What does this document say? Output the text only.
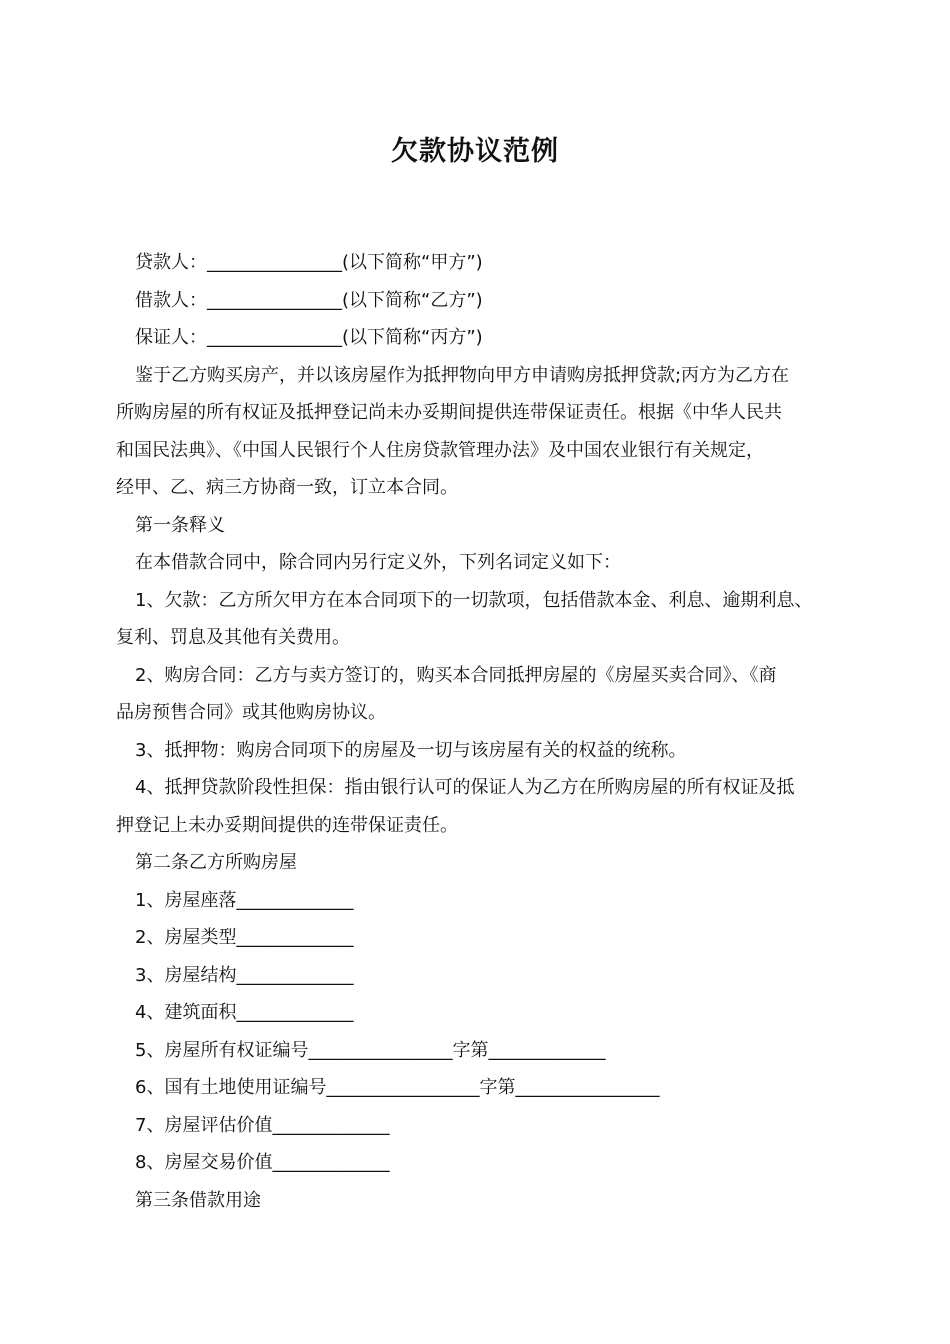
欠款协议范例
贷款人：_______________(以下简称“甲方”)
借款人：_______________(以下简称“乙方”)
保证人：_______________(以下简称“丙方”)
鉴于乙方购买房产，并以该房屋作为抵押物向甲方申请购房抵押贷款;丙方为乙方在
所购房屋的所有权证及抵押登记尚未办妥期间提供连带保证责任。根据《中华人民共
和国民法典》、《中国人民银行个人住房贷款管理办法》及中国农业银行有关规定，
经甲、乙、病三方协商一致，订立本合同。
第一条释义
在本借款合同中，除合同内另行定义外，下列名词定义如下：
1、欠款：乙方所欠甲方在本合同项下的一切款项，包括借款本金、利息、逾期利息、
复利、罚息及其他有关费用。
2、购房合同：乙方与卖方签订的，购买本合同抵押房屋的《房屋买卖合同》、《商
品房预售合同》或其他购房协议。
3、抵押物：购房合同项下的房屋及一切与该房屋有关的权益的统称。
4、抵押贷款阶段性担保：指由银行认可的保证人为乙方在所购房屋的所有权证及抵
押登记上未办妥期间提供的连带保证责任。
第二条乙方所购房屋
1、房屋座落_____________
2、房屋类型_____________
3、房屋结构_____________
4、建筑面积_____________
5、房屋所有权证编号________________字第_____________
6、国有土地使用证编号_________________字第________________
7、房屋评估价值_____________
8、房屋交易价值_____________
第三条借款用途
